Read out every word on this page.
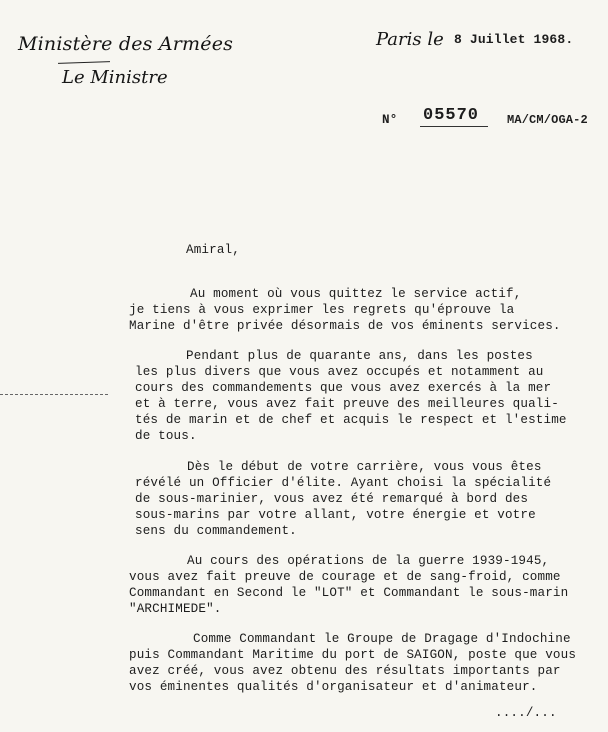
Ministère des Armées
Le Ministre
Paris le 8 Juillet 1968.
N° 05570 MA/CM/OGA-2
Amiral,
Au moment où vous quittez le service actif,
je tiens à vous exprimer les regrets qu'éprouve la
Marine d'être privée désormais de vos éminents services.
Pendant plus de quarante ans, dans les postes
les plus divers que vous avez occupés et notamment au
cours des commandements que vous avez exercés à la mer
et à terre, vous avez fait preuve des meilleures quali-
tés de marin et de chef et acquis le respect et l'estime
de tous.
Dès le début de votre carrière, vous vous êtes
révélé un Officier d'élite. Ayant choisi la spécialité
de sous-marinier, vous avez été remarqué à bord des
sous-marins par votre allant, votre énergie et votre
sens du commandement.
Au cours des opérations de la guerre 1939-1945,
vous avez fait preuve de courage et de sang-froid, comme
Commandant en Second le "LOT" et Commandant le sous-marin
"ARCHIMEDE".
Comme Commandant le Groupe de Dragage d'Indochine
puis Commandant Maritime du port de SAIGON, poste que vous
avez créé, vous avez obtenu des résultats importants par
vos éminentes qualités d'organisateur et d'animateur.
..../...
